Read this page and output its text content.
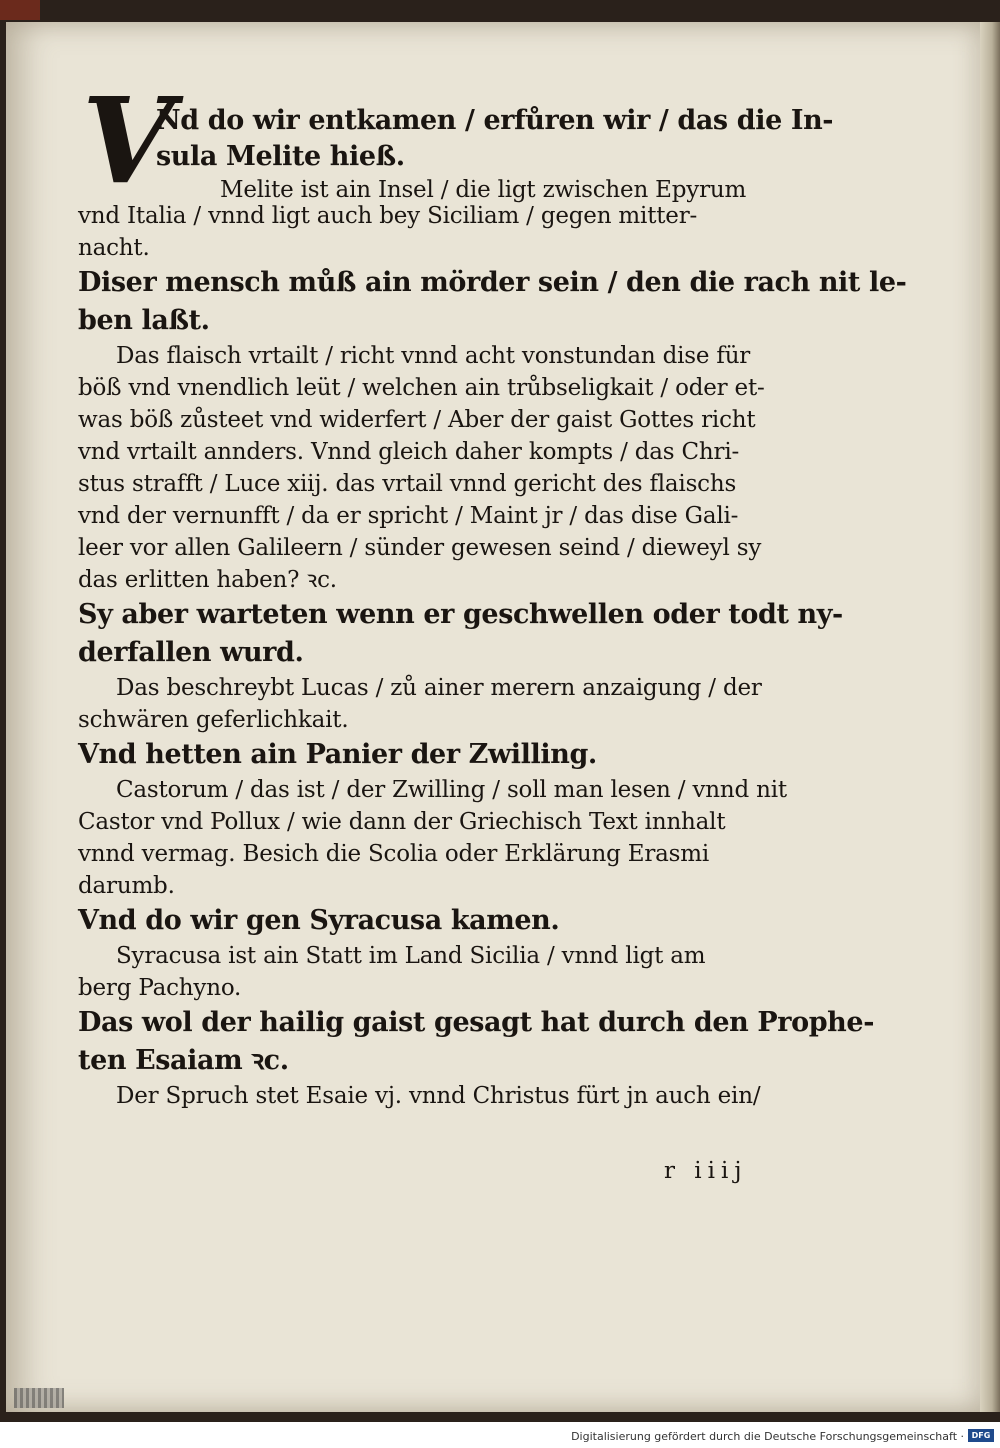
V
Nd do wir entkamen / erfůren wir / das die In-
sula Melite hieß.
Melite ist ain Insel / die ligt zwischen Epyrum
vnd Italia / vnnd ligt auch bey Siciliam / gegen mitter-
nacht.
Diser mensch můß ain mörder sein / den die rach nit le-
ben laßt.
Das flaisch vrtailt / richt vnnd acht vonstundan dise für
böß vnd vnendlich leüt / welchen ain trůbseligkait / oder et-
was böß zůsteet vnd widerfert / Aber der gaist Gottes richt
vnd vrtailt annders. Vnnd gleich daher kompts / das Chri-
stus strafft / Luce xiij. das vrtail vnnd gericht des flaischs
vnd der vernunfft / da er spricht / Maint jr / das dise Gali-
leer vor allen Galileern / sünder gewesen seind / dieweyl sy
das erlitten haben? ꝛc.
Sy aber warteten wenn er geschwellen oder todt ny-
derfallen wurd.
Das beschreybt Lucas / zů ainer merern anzaigung / der
schwären geferlichkait.
Vnd hetten ain Panier der Zwilling.
Castorum / das ist / der Zwilling / soll man lesen / vnnd nit
Castor vnd Pollux / wie dann der Griechisch Text innhalt
vnnd vermag. Besich die Scolia oder Erklärung Erasmi
darumb.
Vnd do wir gen Syracusa kamen.
Syracusa ist ain Statt im Land Sicilia / vnnd ligt am
berg Pachyno.
Das wol der hailig gaist gesagt hat durch den Prophe-
ten Esaiam ꝛc.
Der Spruch stet Esaie vj. vnnd Christus fürt jn auch ein/
r iiij
Digitalisierung gefördert durch die Deutsche Forschungsgemeinschaft · DFG
